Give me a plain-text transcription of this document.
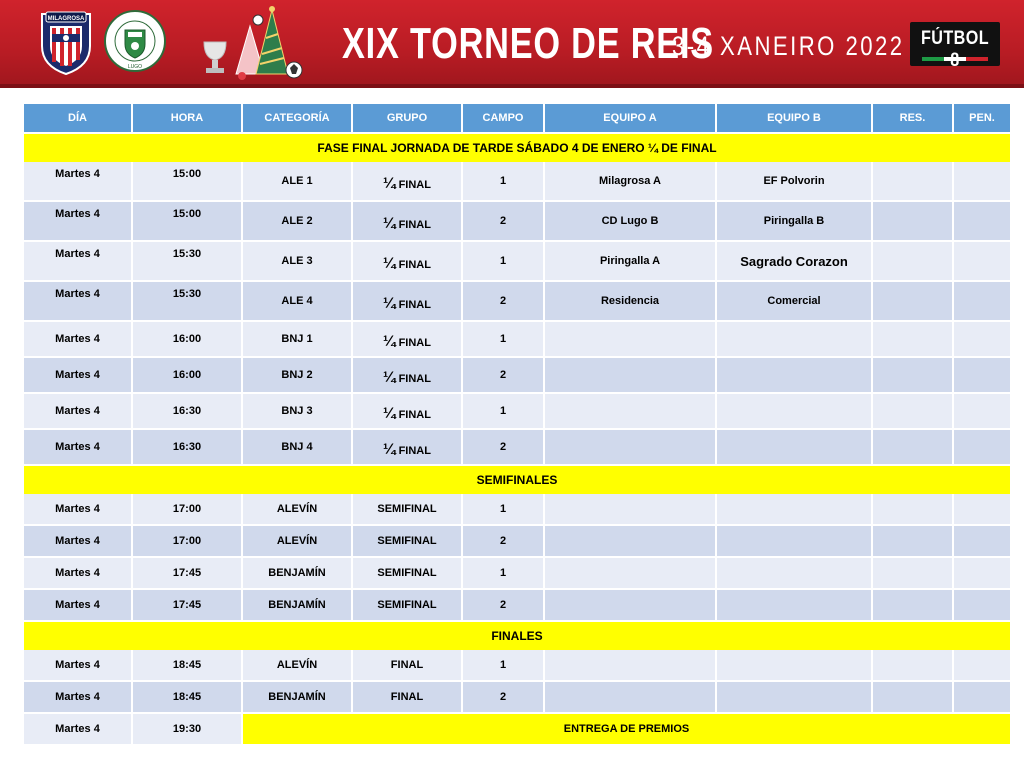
MILAGROSA
LUGO	XIX TORNEO DE REIS
3-4 XANEIRO 2022 FÚTBOL
DÍA	HORA	CATEGORÍA	GRUPO	CAMPO	EQUIPO A	EQUIPO B	RES.	PEN.
FASE FINAL JORNADA DE TARDE SÁBADO 4 DE ENERO ¼ DE FINAL								
Martes 4	15:00	ALE 1	¼ FINAL	1	Milagrosa A	EF Polvorin		
Martes 4	15:00	ALE 2	¼ FINAL	2	CD Lugo B	Piringalla B		
Martes 4	15:30	ALE 3	¼ FINAL	1	Piringalla A	Sagrado Corazon		
Martes 4	15:30	ALE 4	¼ FINAL	2	Residencia	Comercial		
Martes 4	16:00	BNJ 1	¼ FINAL	1				
Martes 4	16:00	BNJ 2	¼ FINAL	2				
Martes 4	16:30	BNJ 3	¼ FINAL	1				
Martes 4	16:30	BNJ 4	¼ FINAL	2				
SEMIFINALES								
Martes 4	17:00	ALEVÍN	SEMIFINAL	1				
Martes 4	17:00	ALEVÍN	SEMIFINAL	2				
Martes 4	17:45	BENJAMÍN	SEMIFINAL	1				
Martes 4	17:45	BENJAMÍN	SEMIFINAL	2				
FINALES								
Martes 4	18:45	ALEVÍN	FINAL	1				
Martes 4	18:45	BENJAMÍN	FINAL	2				
Martes 4	19:30	ENTREGA DE PREMIOS						
